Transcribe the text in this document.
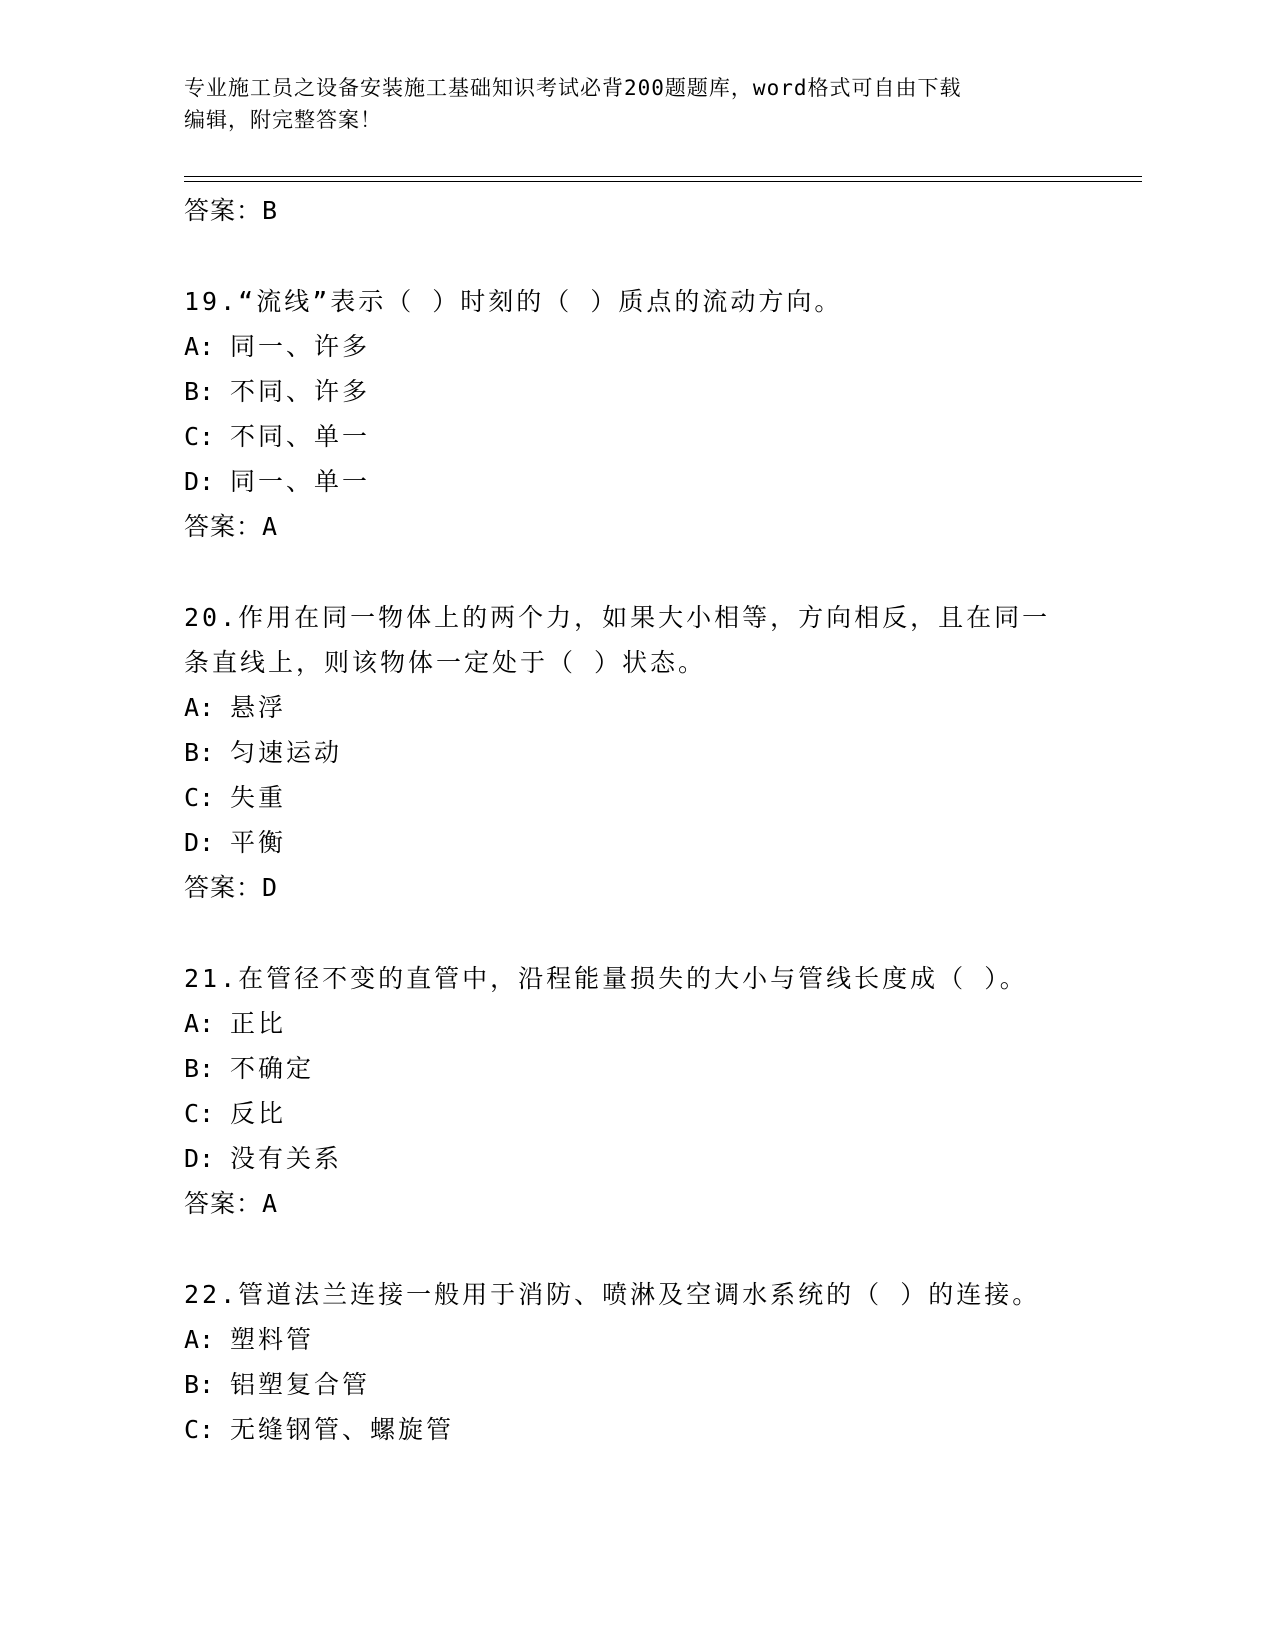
专业施工员之设备安装施工基础知识考试必背200题题库，word格式可自由下载
编辑，附完整答案！
答案：B
19.“流线”表示（ ）时刻的（ ）质点的流动方向。
A: 同一、许多
B: 不同、许多
C: 不同、单一
D: 同一、单一
答案：A
20.作用在同一物体上的两个力，如果大小相等，方向相反，且在同一
条直线上，则该物体一定处于（ ）状态。
A: 悬浮
B: 匀速运动
C: 失重
D: 平衡
答案：D
21.在管径不变的直管中，沿程能量损失的大小与管线长度成（ ）。
A: 正比
B: 不确定
C: 反比
D: 没有关系
答案：A
22.管道法兰连接一般用于消防、喷淋及空调水系统的（ ）的连接。
A: 塑料管
B: 铝塑复合管
C: 无缝钢管、螺旋管
